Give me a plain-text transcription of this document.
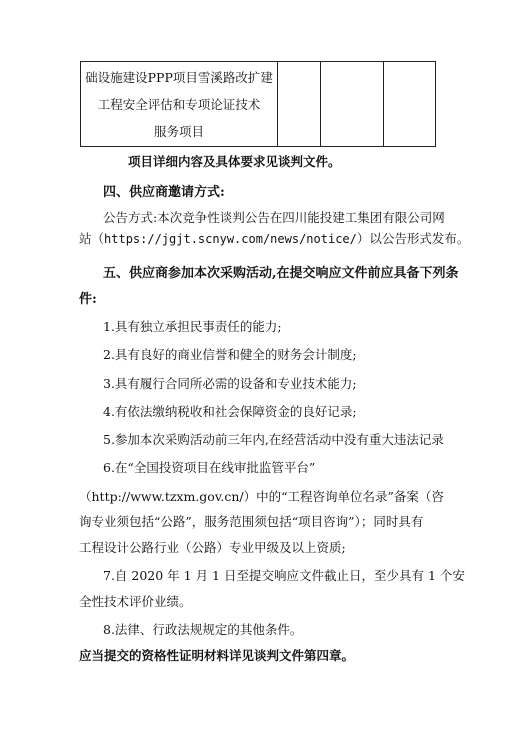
础设施建设PPP项目雪溪路改扩建
工程安全评估和专项论证技术
服务项目

项目详细内容及具体要求见谈判文件。
四、供应商邀请方式:
公告方式:本次竞争性谈判公告在四川能投建工集团有限公司网
站（https://jgjt.scnyw.com/news/notice/）以公告形式发布。
五、供应商参加本次采购活动,在提交响应文件前应具备下列条
件:
1.具有独立承担民事责任的能力;
2.具有良好的商业信誉和健全的财务会计制度;
3.具有履行合同所必需的设备和专业技术能力;
4.有依法缴纳税收和社会保障资金的良好记录;
5.参加本次采购活动前三年内,在经营活动中没有重大违法记录
6.在“全国投资项目在线审批监管平台”
（http://www.tzxm.gov.cn/）中的“工程咨询单位名录”备案（咨
询专业须包括“公路”，服务范围须包括“项目咨询”）；同时具有
工程设计公路行业（公路）专业甲级及以上资质;
7.自 2020 年 1 月 1 日至提交响应文件截止日，至少具有 1 个安
全性技术评价业绩。
8.法律、行政法规规定的其他条件。
应当提交的资格性证明材料详见谈判文件第四章。
